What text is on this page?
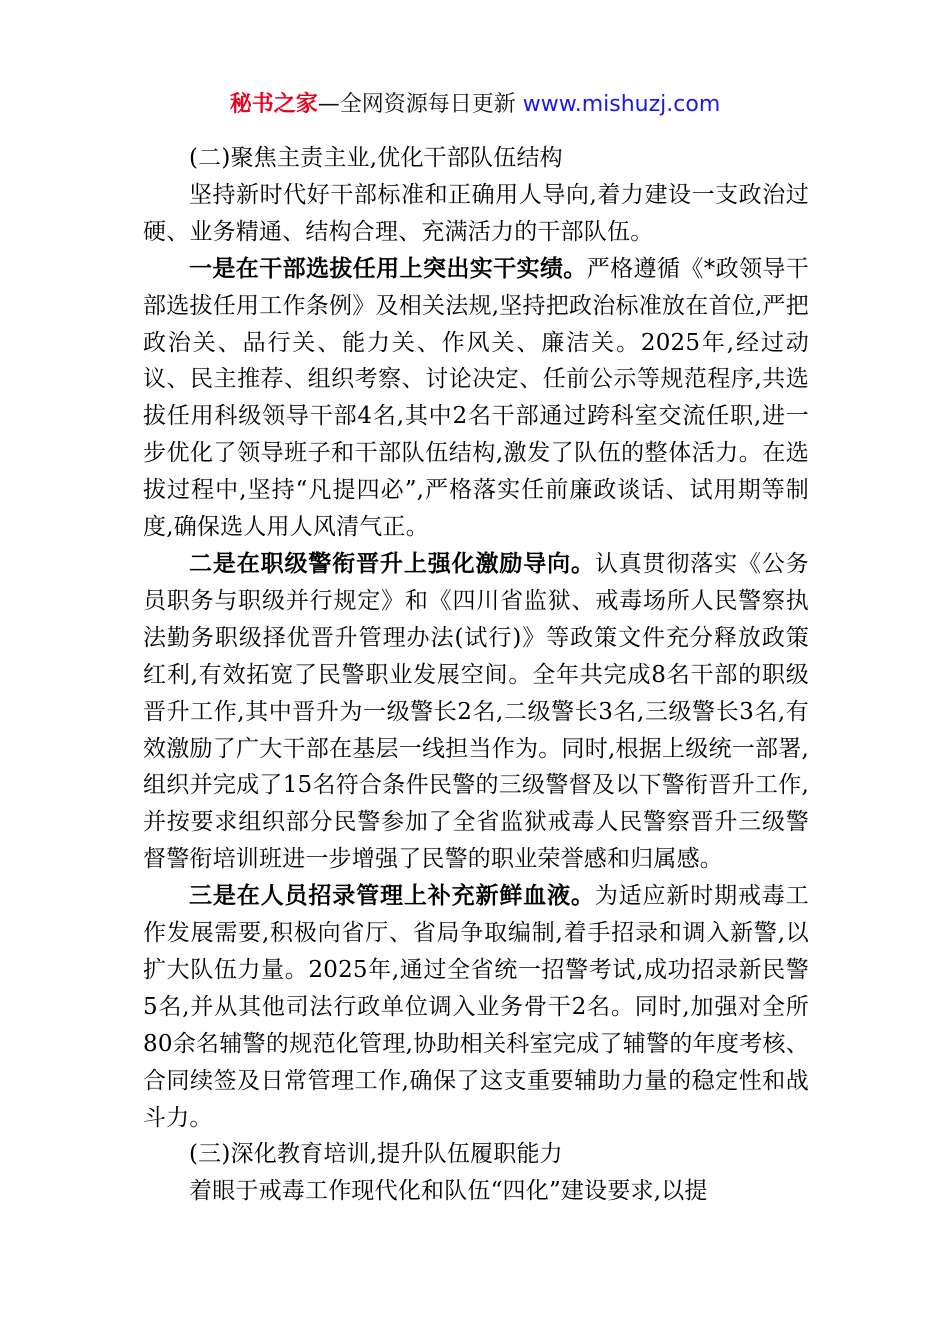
秘书之家—全网资源每日更新 www.mishuzj.com

(二)聚焦主责主业,优化干部队伍结构

坚持新时代好干部标准和正确用人导向,着力建设一支政治过硬、业务精通、结构合理、充满活力的干部队伍。

一是在干部选拔任用上突出实干实绩。严格遵循《*政领导干部选拔任用工作条例》及相关法规,坚持把政治标准放在首位,严把政治关、品行关、能力关、作风关、廉洁关。2025年,经过动议、民主推荐、组织考察、讨论决定、任前公示等规范程序,共选拔任用科级领导干部4名,其中2名干部通过跨科室交流任职,进一步优化了领导班子和干部队伍结构,激发了队伍的整体活力。在选拔过程中,坚持“凡提四必”,严格落实任前廉政谈话、试用期等制度,确保选人用人风清气正。

二是在职级警衔晋升上强化激励导向。认真贯彻落实《公务员职务与职级并行规定》和《四川省监狱、戒毒场所人民警察执法勤务职级择优晋升管理办法(试行)》等政策文件充分释放政策红利,有效拓宽了民警职业发展空间。全年共完成8名干部的职级晋升工作,其中晋升为一级警长2名,二级警长3名,三级警长3名,有效激励了广大干部在基层一线担当作为。同时,根据上级统一部署,组织并完成了15名符合条件民警的三级警督及以下警衔晋升工作,并按要求组织部分民警参加了全省监狱戒毒人民警察晋升三级警督警衔培训班进一步增强了民警的职业荣誉感和归属感。

三是在人员招录管理上补充新鲜血液。为适应新时期戒毒工作发展需要,积极向省厅、省局争取编制,着手招录和调入新警,以扩大队伍力量。2025年,通过全省统一招警考试,成功招录新民警5名,并从其他司法行政单位调入业务骨干2名。同时,加强对全所80余名辅警的规范化管理,协助相关科室完成了辅警的年度考核、合同续签及日常管理工作,确保了这支重要辅助力量的稳定性和战斗力。

(三)深化教育培训,提升队伍履职能力

着眼于戒毒工作现代化和队伍“四化”建设要求,以提
